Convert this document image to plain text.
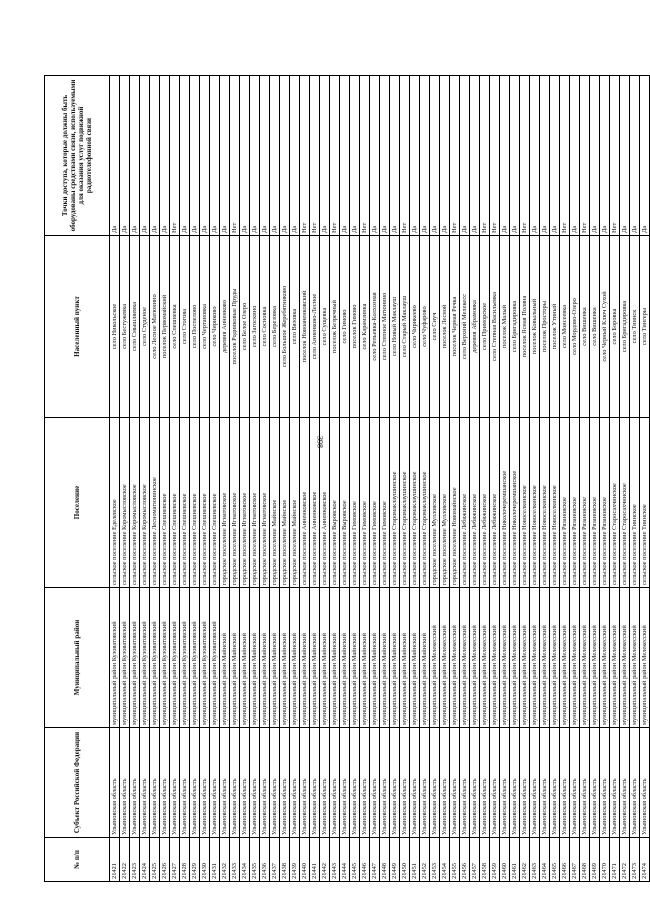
398
№ п/п	Субъект Российской Федерации	Муниципальный район	Поселение	Населенный пункт	Точки доступа, которые должны быть оборудованы средствами связи, используемыми для оказания услуг подвижной радиотелефонной связи
21421	Ульяновская область	муниципальный район Кузоватовский	сельское поселение Еделевское	село Никольское	Да
21422	Ульяновская область	муниципальный район Кузоватовский	сельское поселение Коромысловское	село Бестужевка	Да
21423	Ульяновская область	муниципальный район Кузоватовский	сельское поселение Коромысловское	село Смышляевка	Да
21424	Ульяновская область	муниципальный район Кузоватовский	сельское поселение Коромысловское	село Студеное	Да
21425	Ульяновская область	муниципальный район Кузоватовский	сельское поселение Лесноматюнинское	село Лесное Матюнино	Да
21426	Ульяновская область	муниципальный район Кузоватовский	сельское поселение Спешневское	поселок Первомайский	Да
21427	Ульяновская область	муниципальный район Кузоватовский	сельское поселение Спешневское	село Спешневка	Нет
21428	Ульяновская область	муниципальный район Кузоватовский	сельское поселение Спешневское	село Стогова	Да
21429	Ульяновская область	муниципальный район Кузоватовский	сельское поселение Спешневское	село Поспелово	Да
21430	Ульяновская область	муниципальный район Кузоватовский	сельское поселение Спешневское	село Чертановка	Да
21431	Ульяновская область	муниципальный район Кузоватовский	сельское поселение Спешневское	село Чириково	Да
21432	Ульяновская область	муниципальный район Майнский	городское поселение Игнатовское	деревня Анненково	Да
21433	Ульяновская область	муниципальный район Майнский	городское поселение Игнатовское	поселок Родниковые Пруды	Нет
21434	Ульяновская область	муниципальный район Майнский	городское поселение Игнатовское	село Белое Озеро	Да
21435	Ульяновская область	муниципальный район Майнский	городское поселение Игнатовское	село Загоскино	Да
21436	Ульяновская область	муниципальный район Майнский	городское поселение Игнатовское	село Сосновка	Да
21437	Ульяновская область	муниципальный район Майнский	городское поселение Майнское	село Березовка	Да
21438	Ульяновская область	муниципальный район Майнский	городское поселение Майнское	село Большое Жеребятниково	Да
21439	Ульяновская область	муниципальный район Майнский	городское поселение Майнское	село Вязовка	Да
21440	Ульяновская область	муниципальный район Майнский	сельское поселение Анненковское	поселок Новоаненковский	Нет
21441	Ульяновская область	муниципальный район Майнский	сельское поселение Анненковское	село Анненково-Лесное	Нет
21442	Ульяновская область	муниципальный район Майнский	сельское поселение Анненковское	село Сущевка	Да
21443	Ульяновская область	муниципальный район Майнский	сельское поселение Выровское	поселок Безречный	Нет
21444	Ульяновская область	муниципальный район Майнский	сельское поселение Выровское	село Гимово	Да
21445	Ульяновская область	муниципальный район Майнский	сельское поселение Гимовское	поселок Гимово	Да
21446	Ульяновская область	муниципальный район Майнский	сельское поселение Гимовское	село Карамзинка	Нет
21447	Ульяновская область	муниципальный район Майнский	сельское поселение Гимовское	село Репьевка-Колхозная	Да
21448	Ульяновская область	муниципальный район Майнский	сельское поселение Гимовское	село Степное Матюнино	Да
21449	Ульяновская область	муниципальный район Майнский	сельское поселение Старомаклаушинское	село Новый Маклауш	Да
21450	Ульяновская область	муниципальный район Майнский	сельское поселение Старомаклаушинское	село Старый Маклауш	Нет
21451	Ульяновская область	муниципальный район Майнский	сельское поселение Старомаклаушинское	село Чирикеево	Да
21452	Ульяновская область	муниципальный район Майнский	сельское поселение Старомаклаушинское	село Чуфарово	Да
21453	Ульяновская область	муниципальный район Мелекесский	городское поселение Мулловское	село Сиуч	Да
21454	Ульяновская область	муниципальный район Мелекесский	городское поселение Мулловское	поселок Лесной	Да
21455	Ульяновская область	муниципальный район Мелекесский	городское поселение Новомайнское	поселок Черная Речка	Нет
21456	Ульяновская область	муниципальный район Мелекесский	сельское поселение Лебяжинское	село Верхний Мелекесс	Да
21457	Ульяновская область	муниципальный район Мелекесский	сельское поселение Лебяжинское	деревня Абрамовка	Да
21458	Ульяновская область	муниципальный район Мелекесский	сельское поселение Лебяжинское	село Приморское	Нет
21459	Ульяновская область	муниципальный район Мелекесский	сельское поселение Лебяжинское	село Степная Васильевка	Нет
21460	Ульяновская область	муниципальный район Мелекесский	сельское поселение Николочеремшанское	поселок Малый	Да
21461	Ульяновская область	муниципальный район Мелекесский	сельское поселение Николочеремшанское	село Бригадировка	Да
21462	Ульяновская область	муниципальный район Мелекесский	сельское поселение Новоселкинское	поселок Ясная Поляна	Нет
21463	Ульяновская область	муниципальный район Мелекесский	сельское поселение Новоселкинское	поселок Ковыльный	Да
21464	Ульяновская область	муниципальный район Мелекесский	сельское поселение Новоселкинское	поселок Просторы	Да
21465	Ульяновская область	муниципальный район Мелекесский	сельское поселение Новоселкинское	поселок Утиный	Да
21466	Ульяновская область	муниципальный район Мелекесский	сельское поселение Рязановское	село Моисеевка	Нет
21467	Ульяновская область	муниципальный район Мелекесский	сельское поселение Рязановское	село Мордово-Озеро	Да
21468	Ульяновская область	муниципальный район Мелекесский	сельское поселение Рязановское	село Вишенка	Нет
21469	Ульяновская область	муниципальный район Мелекесский	сельское поселение Рязановское	село Вишенка	Да
21470	Ульяновская область	муниципальный район Мелекесский	сельское поселение Рязановское	село Черный Ключ Сухой	Да
21471	Ульяновская область	муниципальный район Мелекесский	сельское поселение Старосахчинское	село Боровка	Нет
21472	Ульяновская область	муниципальный район Мелекесский	сельское поселение Старосахчинское	село Бригадировка	Да
21473	Ульяновская область	муниципальный район Мелекесский	сельское поселение Тиинское	село Тиинск	Да
21474	Ульяновская область	муниципальный район Мелекесский	сельское поселение Тиинское	село Тингеры	Да
